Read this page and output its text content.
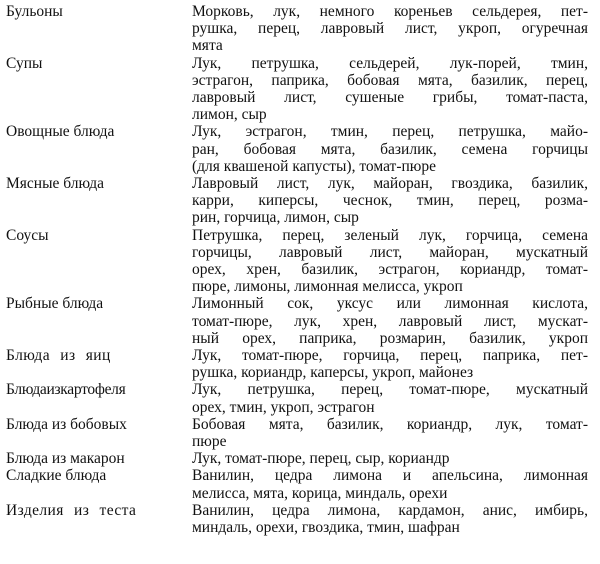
Бульоны	Морковь, лук, немного кореньев сельдерея, пет-
рушка, перец, лавровый лист, укроп, огуречная
мята
Супы	Лук, петрушка, сельдерей, лук-порей, тмин,
эстрагон, паприка, бобовая мята, базилик, перец,
лавровый лист, сушеные грибы, томат-паста,
лимон, сыр
Овощные блюда	Лук, эстрагон, тмин, перец, петрушка, майо-
ран, бобовая мята, базилик, семена горчицы
(для квашеной капусты), томат-пюре
Мясные блюда	Лавровый лист, лук, майоран, гвоздика, базилик,
карри, киперсы, чеснок, тмин, перец, розма-
рин, горчица, лимон, сыр
Соусы	Петрушка, перец, зеленый лук, горчица, семена
горчицы, лавровый лист, майоран, мускатный
орех, хрен, базилик, эстрагон, кориандр, томат-
пюре, лимоны, лимонная мелисса, укроп
Рыбные блюда	Лимонный сок, уксус или лимонная кислота,
томат-пюре, лук, хрен, лавровый лист, мускат-
ный орех, паприка, розмарин, базилик, укроп
Блюда из яиц	Лук, томат-пюре, горчица, перец, паприка, пет-
рушка, кориандр, каперсы, укроп, майонез
Блюдаизкартофеля	Лук, петрушка, перец, томат-пюре, мускатный
орех, тмин, укроп, эстрагон
Блюда из бобовых	Бобовая мята, базилик, кориандр, лук, томат-
пюре
Блюда из макарон	Лук, томат-пюре, перец, сыр, кориандр
Сладкие блюда	Ванилин, цедра лимона и апельсина, лимонная
мелисса, мята, корица, миндаль, орехи
Изделия из теста	Ванилин, цедра лимона, кардамон, анис, имбирь,
миндаль, орехи, гвоздика, тмин, шафран
